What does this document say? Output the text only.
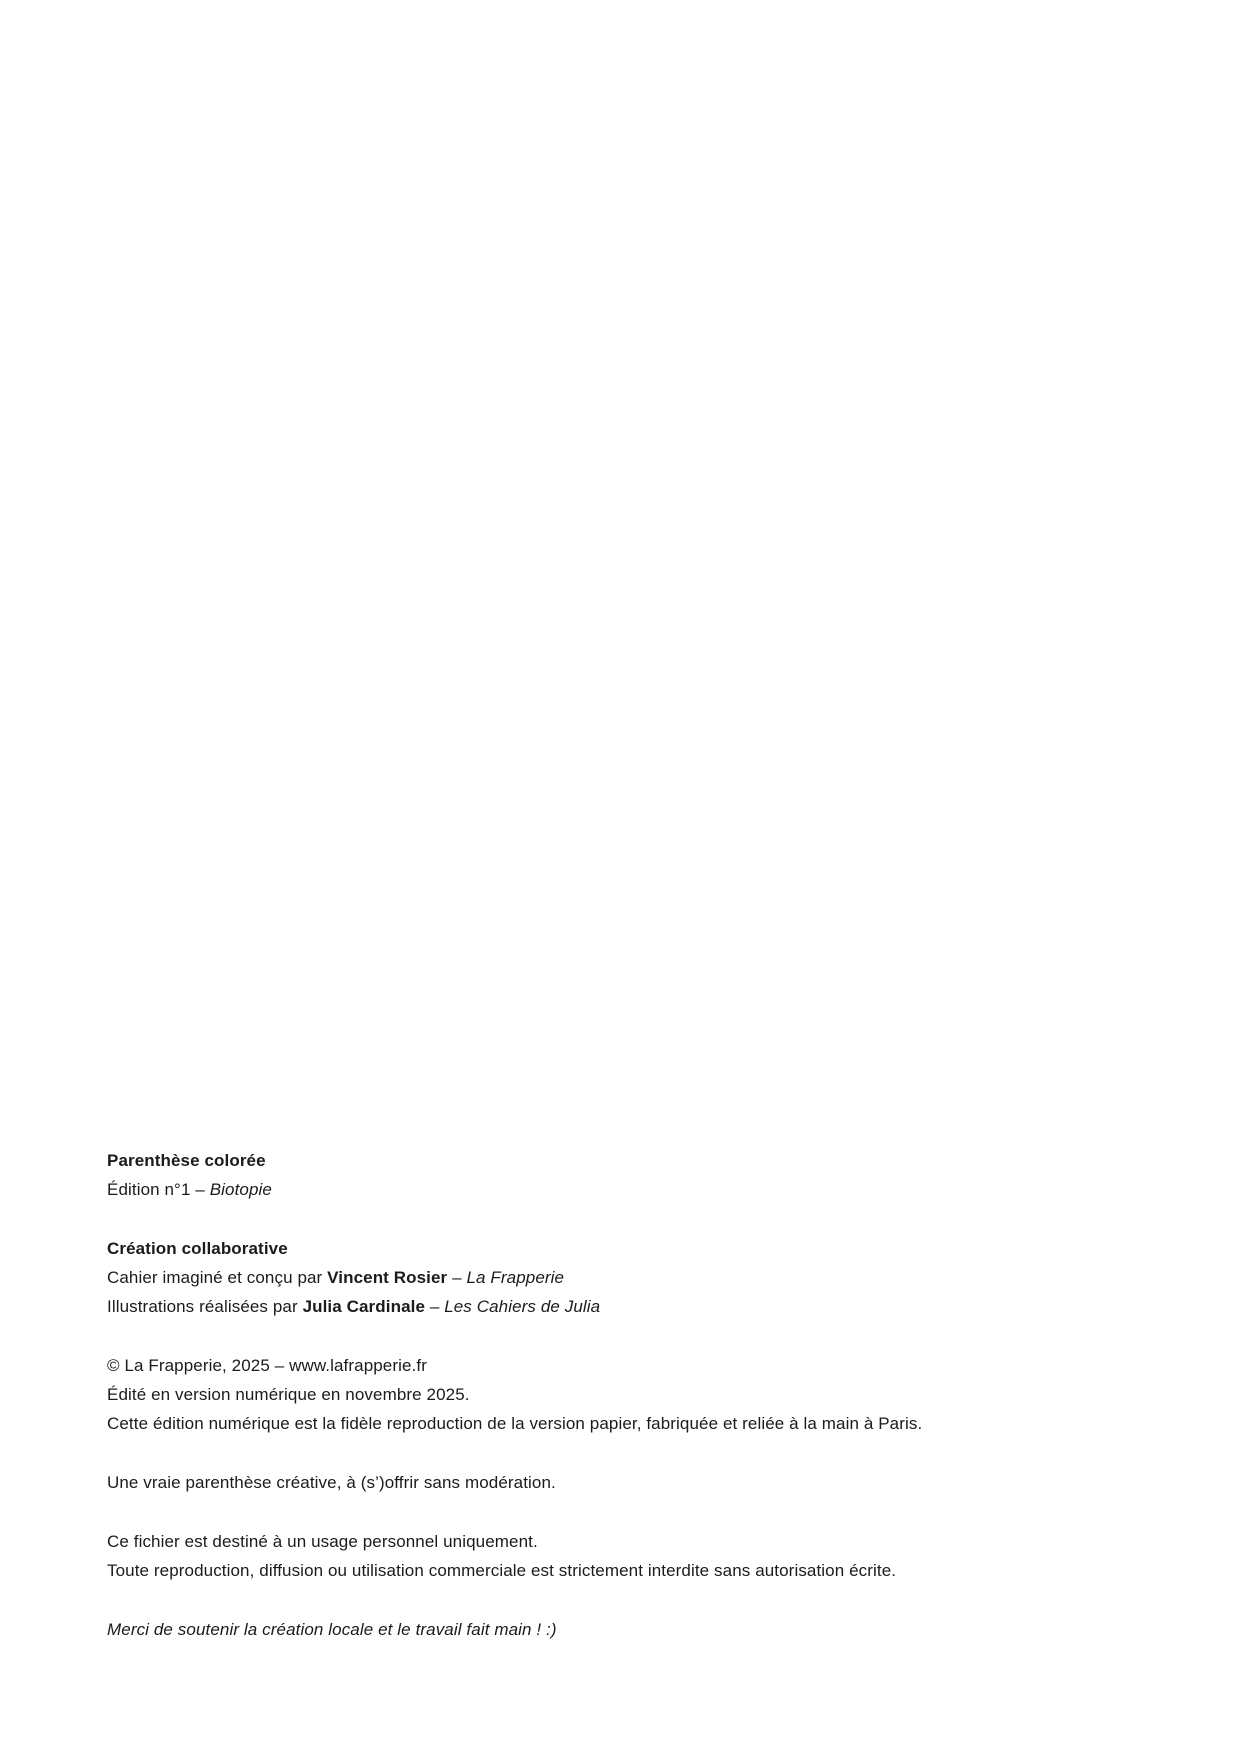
Parenthèse colorée
Édition n°1 – Biotopie

Création collaborative
Cahier imaginé et conçu par Vincent Rosier – La Frapperie
Illustrations réalisées par Julia Cardinale – Les Cahiers de Julia

© La Frapperie, 2025 – www.lafrapperie.fr
Édité en version numérique en novembre 2025.
Cette édition numérique est la fidèle reproduction de la version papier, fabriquée et reliée à la main à Paris.

Une vraie parenthèse créative, à (s’)offrir sans modération.

Ce fichier est destiné à un usage personnel uniquement.
Toute reproduction, diffusion ou utilisation commerciale est strictement interdite sans autorisation écrite.

Merci de soutenir la création locale et le travail fait main ! :)
